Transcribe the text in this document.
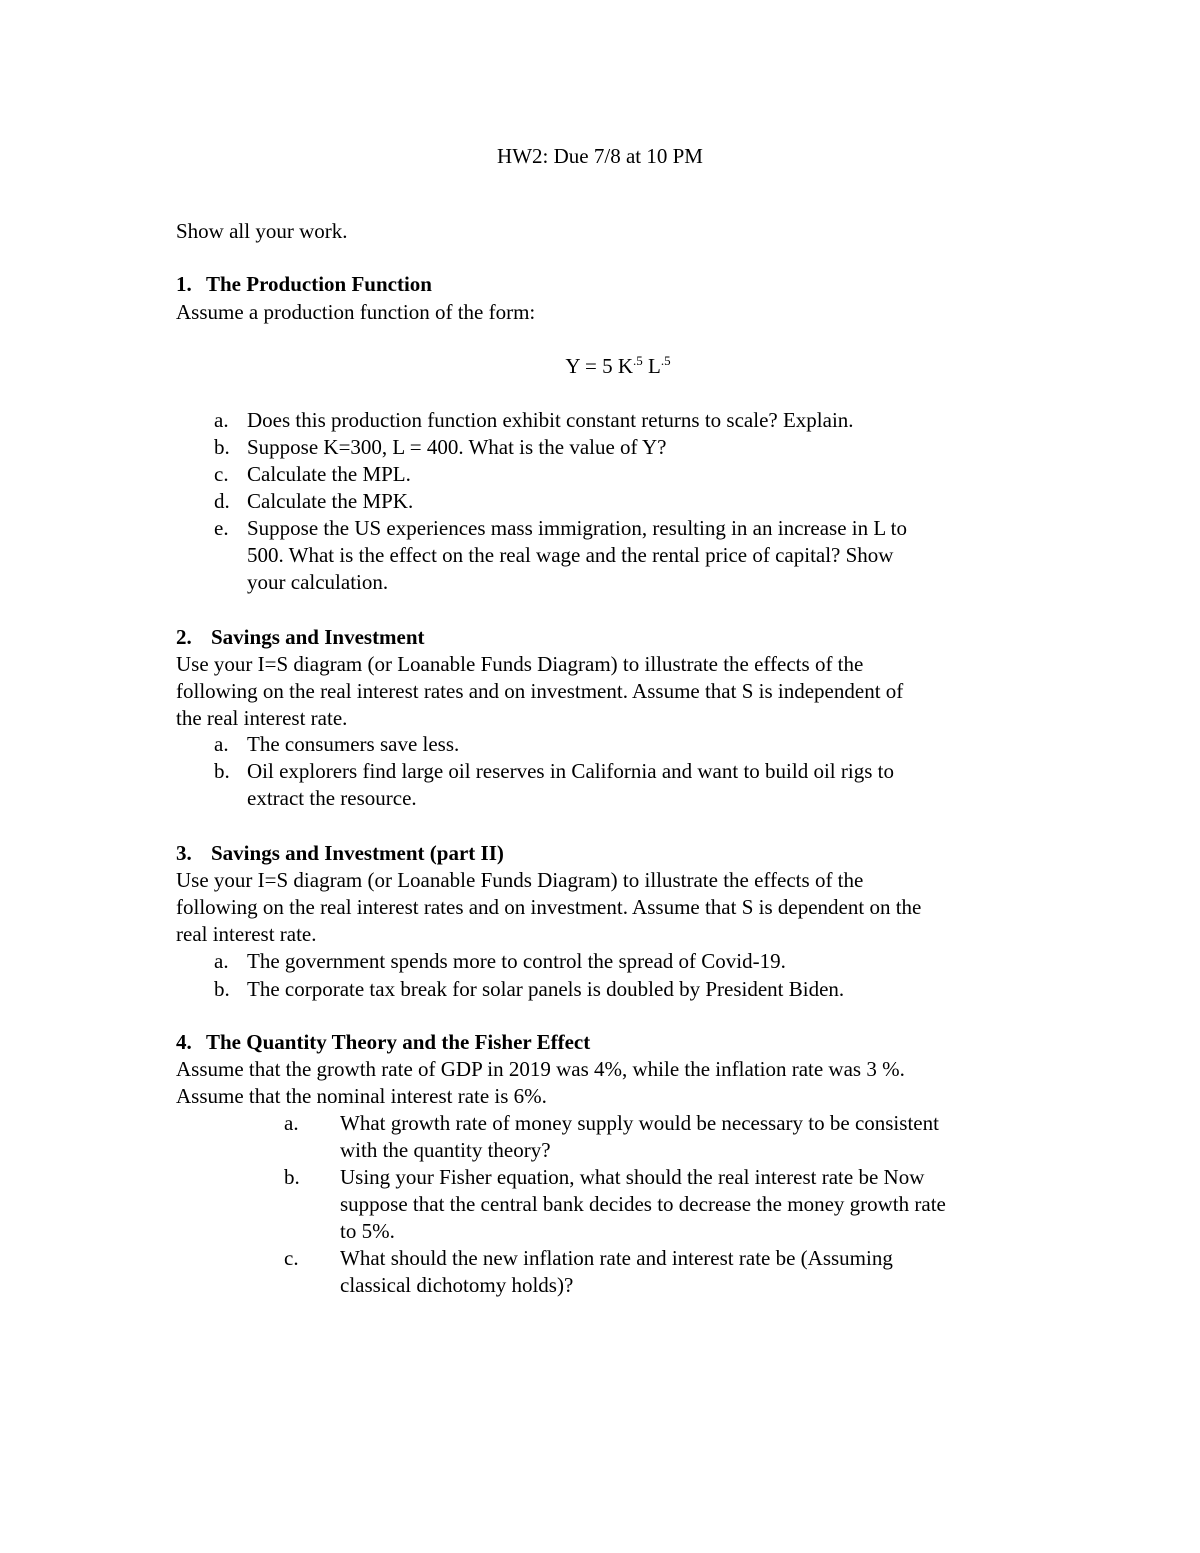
HW2: Due 7/8 at 10 PM
Show all your work.
1. The Production Function
Assume a production function of the form:
Y = 5 $K^{.5}$ $L^{.5}$
a. Does this production function exhibit constant returns to scale? Explain.
b. Suppose K=300, L = 400. What is the value of Y?
c. Calculate the MPL.
d. Calculate the MPK.
e. Suppose the US experiences mass immigration, resulting in an increase in L to
500. What is the effect on the real wage and the rental price of capital? Show
your calculation.
2. Savings and Investment
Use your I=S diagram (or Loanable Funds Diagram) to illustrate the effects of the
following on the real interest rates and on investment. Assume that S is independent of
the real interest rate.
a. The consumers save less.
b. Oil explorers find large oil reserves in California and want to build oil rigs to
extract the resource.
3. Savings and Investment (part II)
Use your I=S diagram (or Loanable Funds Diagram) to illustrate the effects of the
following on the real interest rates and on investment. Assume that S is dependent on the
real interest rate.
a. The government spends more to control the spread of Covid-19.
b. The corporate tax break for solar panels is doubled by President Biden.
4. The Quantity Theory and the Fisher Effect
Assume that the growth rate of GDP in 2019 was 4%, while the inflation rate was 3 %.
Assume that the nominal interest rate is 6%.
a. What growth rate of money supply would be necessary to be consistent
with the quantity theory?
b. Using your Fisher equation, what should the real interest rate be Now
suppose that the central bank decides to decrease the money growth rate
to 5%.
c. What should the new inflation rate and interest rate be (Assuming
classical dichotomy holds)?
